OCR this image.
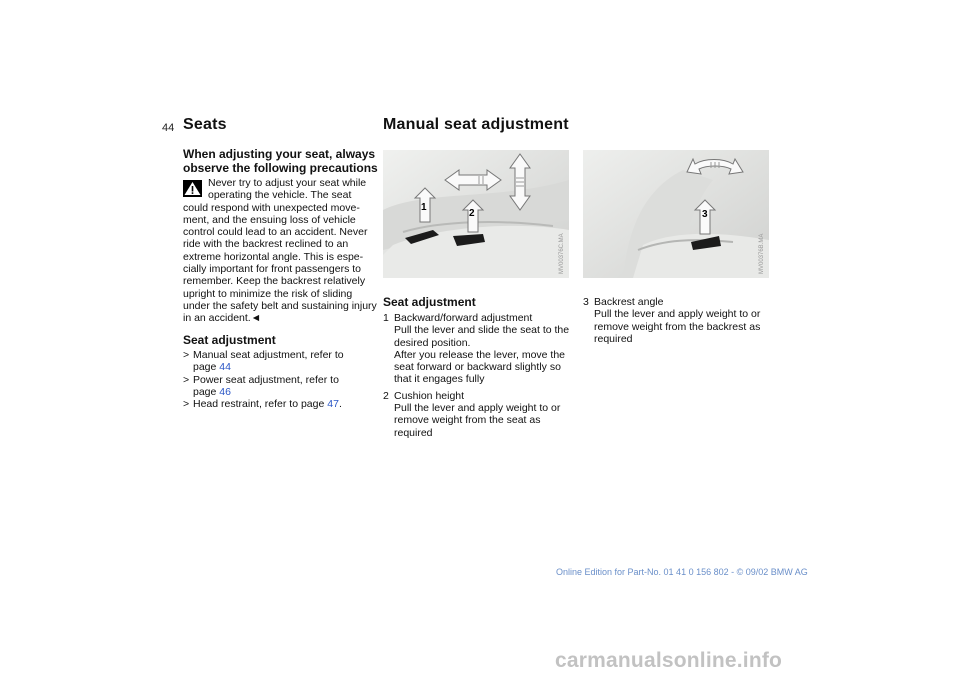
44 Seats	Manual seat adjustment
When adjusting your seat, always
observe the following precautions
Never try to adjust your seat while
operating the vehicle. The seat could respond with unexpected move-ment, and the ensuing loss of vehicle control could lead to an accident. Never ride with the backrest reclined to an extreme horizontal angle. This is espe-cially important for front passengers to remember. Keep the backrest relatively upright to minimize the risk of sliding under the safety belt and sustaining injury in an accident.◄
Seat adjustment
> Manual seat adjustment, refer to page 44
> Power seat adjustment, refer to page 46
> Head restraint, refer to page 47.
1
2
MV00376C.MA
3
MV00376B.MA
Seat adjustment
1 Backward/forward adjustment
Pull the lever and slide the seat to the desired position.
After you release the lever, move the seat forward or backward slightly so that it engages fully
2 Cushion height
Pull the lever and apply weight to or remove weight from the seat as required
3 Backrest angle
Pull the lever and apply weight to or remove weight from the backrest as required
Online Edition for Part-No. 01 41 0 156 802 - © 09/02 BMW AG
carmanualsonline.info
